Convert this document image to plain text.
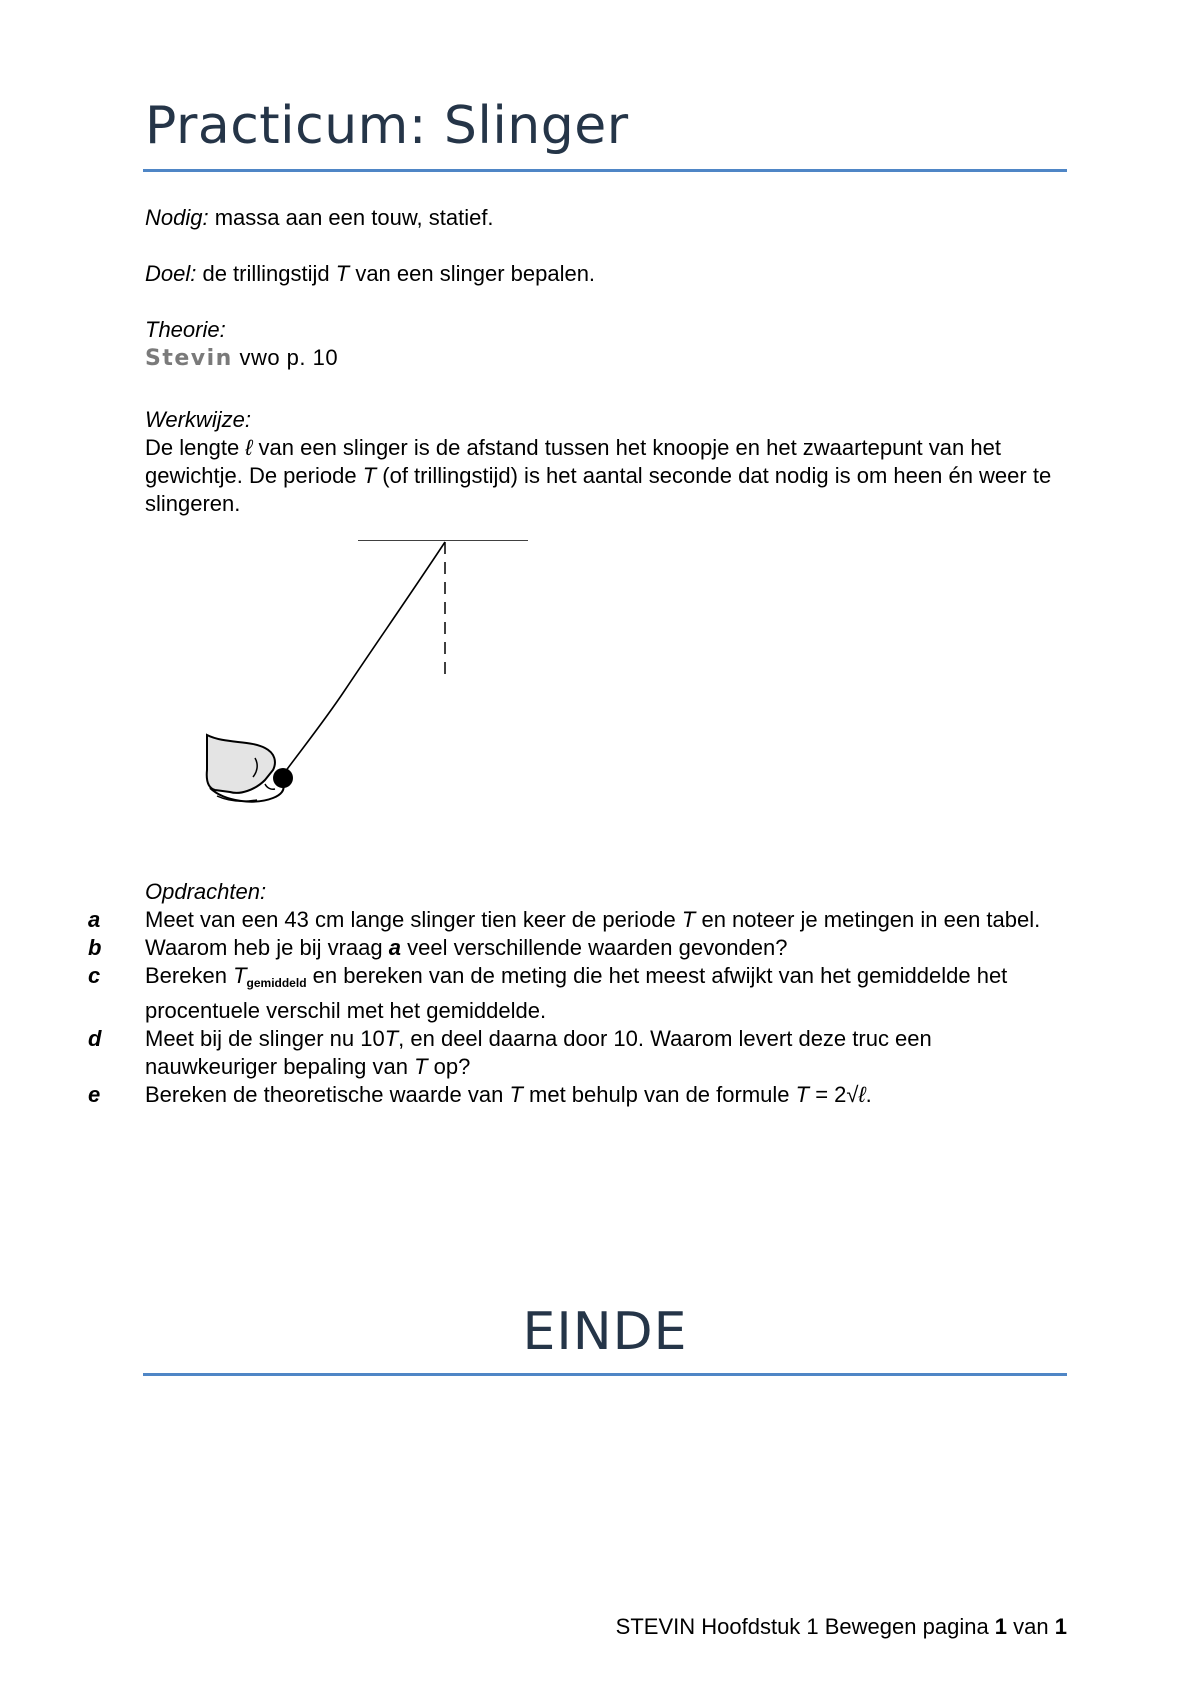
Practicum: Slinger
Nodig: massa aan een touw, statief.
Doel: de trillingstijd T van een slinger bepalen.
Theorie:
Stevin vwo p. 10
Werkwijze:
De lengte ℓ van een slinger is de afstand tussen het knoopje en het zwaartepunt van het gewichtje. De periode T (of trillingstijd) is het aantal seconde dat nodig is om heen én weer te slingeren.
Opdrachten:
a	Meet van een 43 cm lange slinger tien keer de periode T en noteer je metingen in een tabel.
b	Waarom heb je bij vraag a veel verschillende waarden gevonden?
c	Bereken $T_{gemiddeld}$ en bereken van de meting die het meest afwijkt van het gemiddelde het procentuele verschil met het gemiddelde.
d	Meet bij de slinger nu 10T, en deel daarna door 10. Waarom levert deze truc een nauwkeuriger bepaling van T op?
e	Bereken de theoretische waarde van T met behulp van de formule T = 2√ℓ.
EINDE
STEVIN Hoofdstuk 1 Bewegen pagina 1 van 1
